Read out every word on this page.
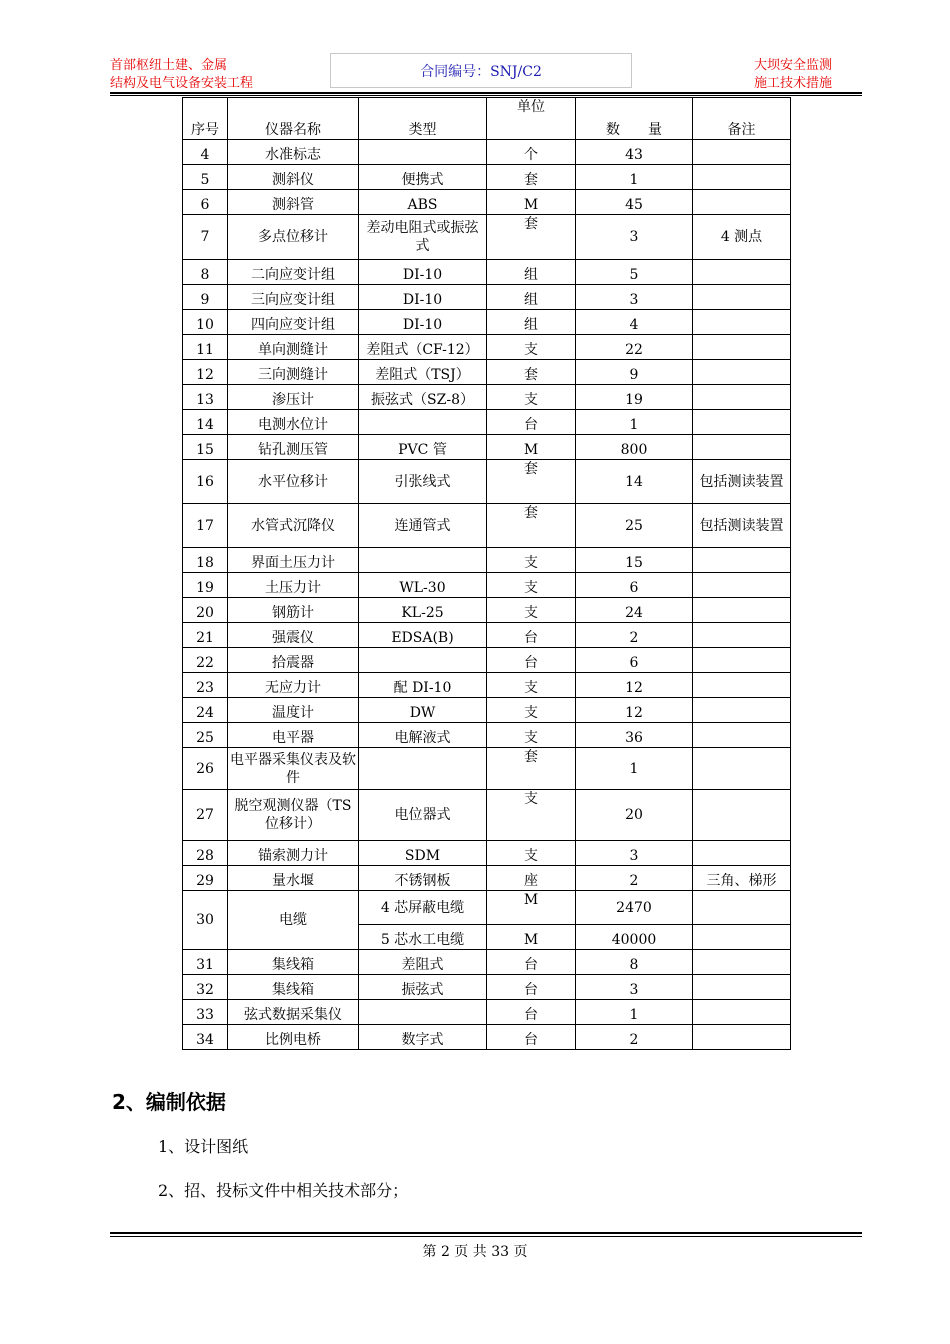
首部枢纽土建、金属
结构及电气设备安装工程
合同编号：SNJ/C2	大坝安全监测
施工技术措施
序号	仪器名称	类型	单位	数　　量	备注
4	水准标志		个	43	
5	测斜仪	便携式	套	1	
6	测斜管	ABS	M	45	
7	多点位移计	差动电阻式或振弦式	套	3	4 测点
8	二向应变计组	DI-10	组	5	
9	三向应变计组	DI-10	组	3	
10	四向应变计组	DI-10	组	4	
11	单向测缝计	差阻式（CF-12）	支	22	
12	三向测缝计	差阻式（TSJ）	套	9	
13	渗压计	振弦式（SZ-8）	支	19	
14	电测水位计		台	1	
15	钻孔测压管	PVC 管	M	800	
16	水平位移计	引张线式	套	14	包括测读装置
17	水管式沉降仪	连通管式	套	25	包括测读装置
18	界面土压力计		支	15	
19	土压力计	WL-30	支	6	
20	钢筋计	KL-25	支	24	
21	强震仪	EDSA(B)	台	2	
22	拾震器		台	6	
23	无应力计	配 DI-10	支	12	
24	温度计	DW	支	12	
25	电平器	电解液式	支	36	
26	电平器采集仪表及软件		套	1	
27	脱空观测仪器（TS 位移计）	电位器式	支	20	
28	锚索测力计	SDM	支	3	
29	量水堰	不锈钢板	座	2	三角、梯形
30	电缆	4 芯屏蔽电缆	M	2470	
		5 芯水工电缆	M	40000	
31	集线箱	差阻式	台	8	
32	集线箱	振弦式	台	3	
33	弦式数据采集仪		台	1	
34	比例电桥	数字式	台	2	
2、编制依据
1、设计图纸
2、招、投标文件中相关技术部分；
第 2 页 共 33 页
